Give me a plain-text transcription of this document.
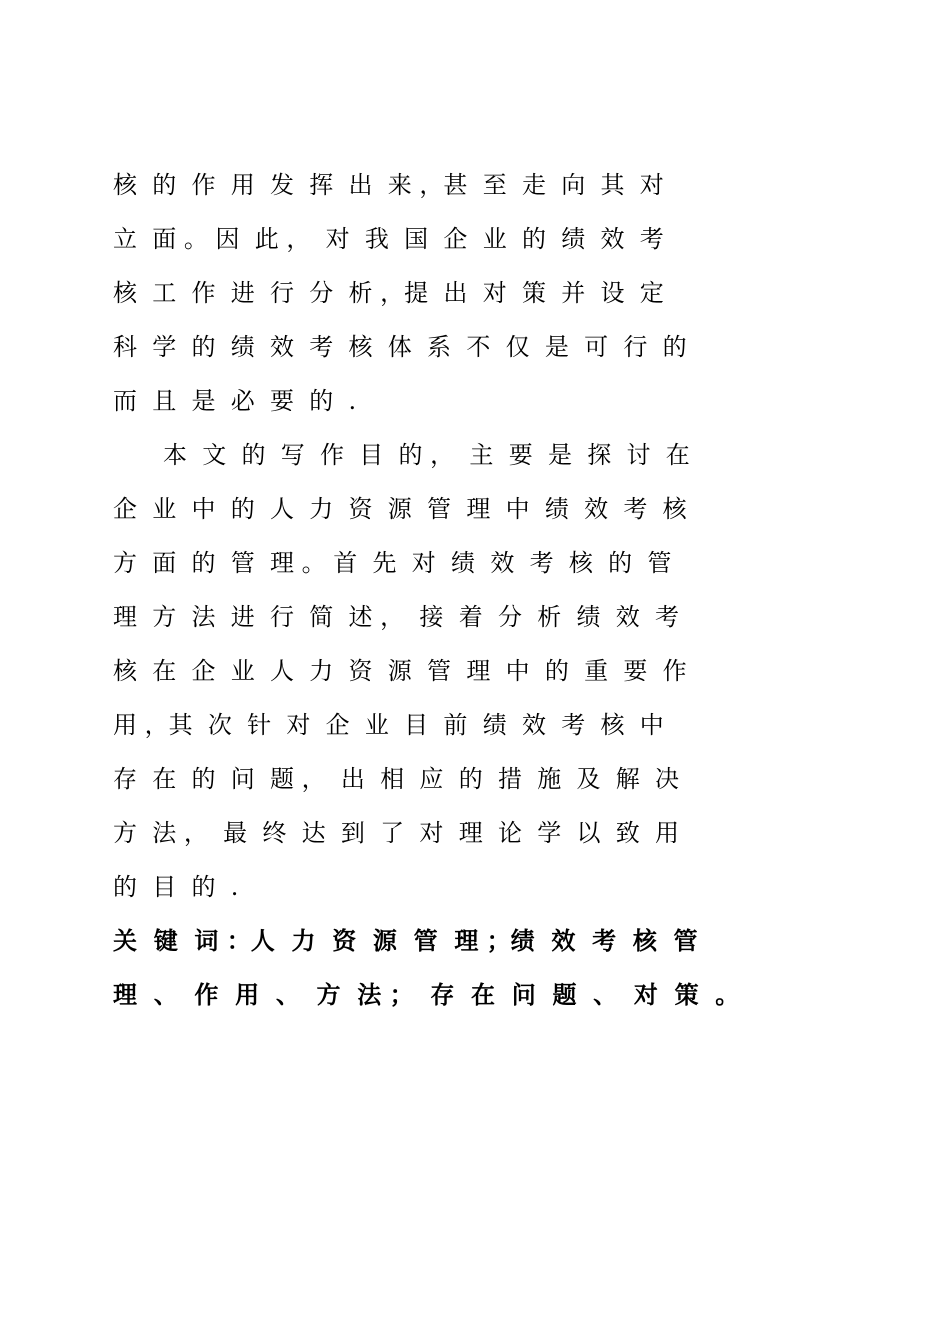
核  的  作  用  发  挥  出  来 ，甚  至  走  向  其  对
立  面 。 因  此 ，  对  我  国  企  业  的  绩  效  考
核  工  作  进  行  分  析 ，提  出  对  策  并  设  定
科  学  的  绩  效  考  核  体  系  不  仅  是  可  行  的
而  且  是  必  要  的  .
本  文  的  写  作  目  的 ，  主  要  是  探  讨  在
企  业  中  的  人  力  资  源  管  理  中  绩  效  考  核
方  面  的  管  理 。 首  先  对  绩  效  考  核  的  管
理  方  法  进  行  简  述 ，  接  着  分  析  绩  效  考
核  在  企  业  人  力  资  源  管  理  中  的  重  要  作
用 ，其  次  针  对  企  业  目  前  绩  效  考  核  中
存  在  的  问  题 ，  出  相  应  的  措  施  及  解  决
方  法 ，  最  终  达  到  了  对  理  论  学  以  致  用
的  目  的  .
关  键  词 ：人  力  资  源  管  理 ；绩  效  考  核  管
理  、  作  用  、  方  法 ；  存  在  问  题  、  对  策  。
